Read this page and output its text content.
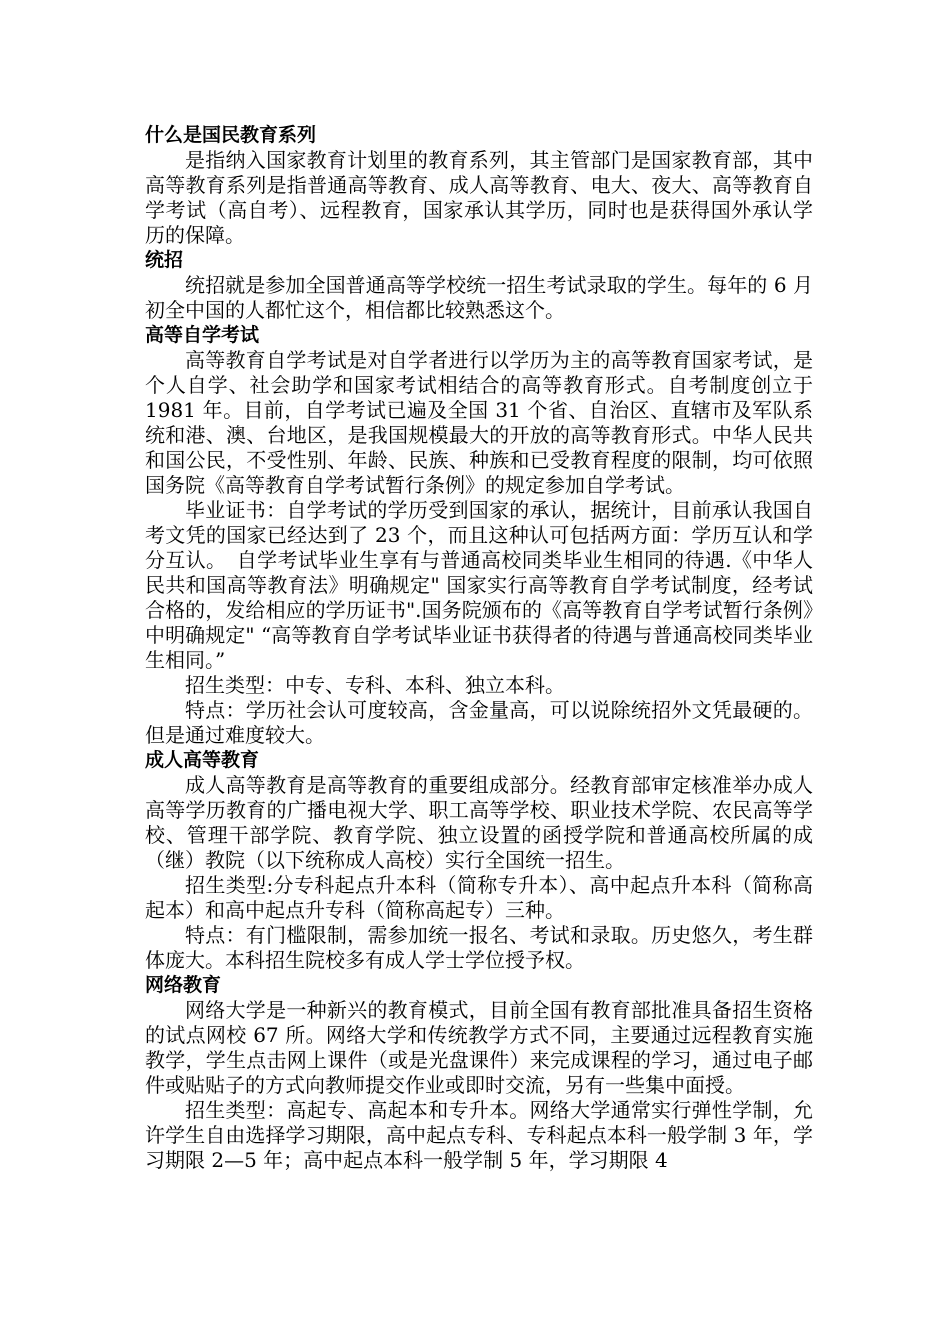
什么是国民教育系列

是指纳入国家教育计划里的教育系列，其主管部门是国家教育部，其中高等教育系列是指普通高等教育、成人高等教育、电大、夜大、高等教育自学考试（高自考）、远程教育，国家承认其学历，同时也是获得国外承认学历的保障。

统招

统招就是参加全国普通高等学校统一招生考试录取的学生。每年的 6 月初全中国的人都忙这个，相信都比较熟悉这个。

高等自学考试

高等教育自学考试是对自学者进行以学历为主的高等教育国家考试，是个人自学、社会助学和国家考试相结合的高等教育形式。自考制度创立于 1981 年。目前，自学考试已遍及全国 31 个省、自治区、直辖市及军队系统和港、澳、台地区，是我国规模最大的开放的高等教育形式。中华人民共和国公民，不受性别、年龄、民族、种族和已受教育程度的限制，均可依照国务院《高等教育自学考试暂行条例》的规定参加自学考试。

毕业证书：自学考试的学历受到国家的承认，据统计，目前承认我国自考文凭的国家已经达到了 23 个，而且这种认可包括两方面：学历互认和学分互认。　自学考试毕业生享有与普通高校同类毕业生相同的待遇.《中华人民共和国高等教育法》明确规定" 国家实行高等教育自学考试制度，经考试合格的，发给相应的学历证书".国务院颁布的《高等教育自学考试暂行条例》中明确规定" “高等教育自学考试毕业证书获得者的待遇与普通高校同类毕业生相同。”

招生类型：中专、专科、本科、独立本科。

特点：学历社会认可度较高，含金量高，可以说除统招外文凭最硬的。但是通过难度较大。

成人高等教育

成人高等教育是高等教育的重要组成部分。经教育部审定核准举办成人高等学历教育的广播电视大学、职工高等学校、职业技术学院、农民高等学校、管理干部学院、教育学院、独立设置的函授学院和普通高校所属的成（继）教院（以下统称成人高校）实行全国统一招生。

招生类型:分专科起点升本科（简称专升本）、高中起点升本科（简称高起本）和高中起点升专科（简称高起专）三种。

特点：有门槛限制，需参加统一报名、考试和录取。历史悠久，考生群体庞大。本科招生院校多有成人学士学位授予权。

网络教育

网络大学是一种新兴的教育模式，目前全国有教育部批准具备招生资格的试点网校 67 所。网络大学和传统教学方式不同，主要通过远程教育实施教学，学生点击网上课件（或是光盘课件）来完成课程的学习，通过电子邮件或贴贴子的方式向教师提交作业或即时交流，另有一些集中面授。

招生类型：高起专、高起本和专升本。网络大学通常实行弹性学制，允许学生自由选择学习期限，高中起点专科、专科起点本科一般学制 3 年，学习期限 2—5 年；高中起点本科一般学制 5 年，学习期限 4
